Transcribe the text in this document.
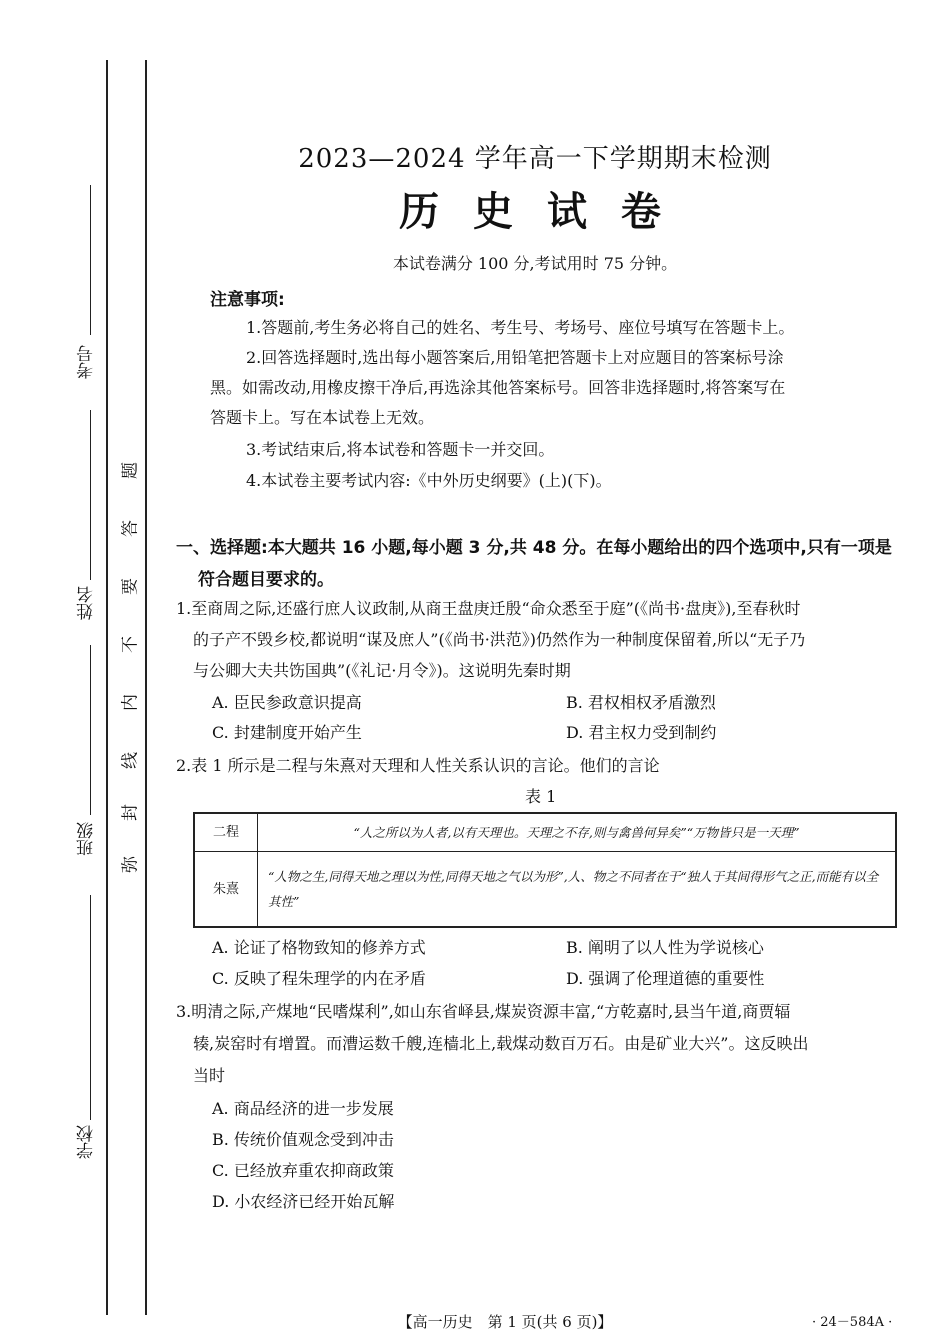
考号
姓名
班级
学校
题
答
要
不
内
线
封
弥
2023—2024 学年高一下学期期末检测
历 史 试 卷
本试卷满分 100 分,考试用时 75 分钟。
注意事项:
1.答题前,考生务必将自己的姓名、考生号、考场号、座位号填写在答题卡上。
2.回答选择题时,选出每小题答案后,用铅笔把答题卡上对应题目的答案标号涂
黑。如需改动,用橡皮擦干净后,再选涂其他答案标号。回答非选择题时,将答案写在
答题卡上。写在本试卷上无效。
3.考试结束后,将本试卷和答题卡一并交回。
4.本试卷主要考试内容:《中外历史纲要》(上)(下)。
一、选择题:本大题共 16 小题,每小题 3 分,共 48 分。在每小题给出的四个选项中,只有一项是
符合题目要求的。
1.至商周之际,还盛行庶人议政制,从商王盘庚迁殷“命众悉至于庭”(《尚书·盘庚》),至春秋时
的子产不毁乡校,都说明“谋及庶人”(《尚书·洪范》)仍然作为一种制度保留着,所以“无子乃
与公卿大夫共饬国典”(《礼记·月令》)。这说明先秦时期
A. 臣民参政意识提高	B. 君权相权矛盾激烈
C. 封建制度开始产生	D. 君主权力受到制约
2.表 1 所示是二程与朱熹对天理和人性关系认识的言论。他们的言论
表 1
二程	“人之所以为人者,以有天理也。天理之不存,则与禽兽何异矣”“万物皆只是一天理”
朱熹	“人物之生,同得天地之理以为性,同得天地之气以为形”,人、物之不同者在于“独人于其间得形气之正,而能有以全其性”
A. 论证了格物致知的修养方式	B. 阐明了以人性为学说核心
C. 反映了程朱理学的内在矛盾	D. 强调了伦理道德的重要性
3.明清之际,产煤地“民嗜煤利”,如山东省峄县,煤炭资源丰富,“方乾嘉时,县当午道,商贾辐
辏,炭窑时有增置。而漕运数千艘,连樯北上,载煤动数百万石。由是矿业大兴”。这反映出
当时
A. 商品经济的进一步发展
B. 传统价值观念受到冲击
C. 已经放弃重农抑商政策
D. 小农经济已经开始瓦解
【高一历史　第 1 页(共 6 页)】	· 24－584A ·
